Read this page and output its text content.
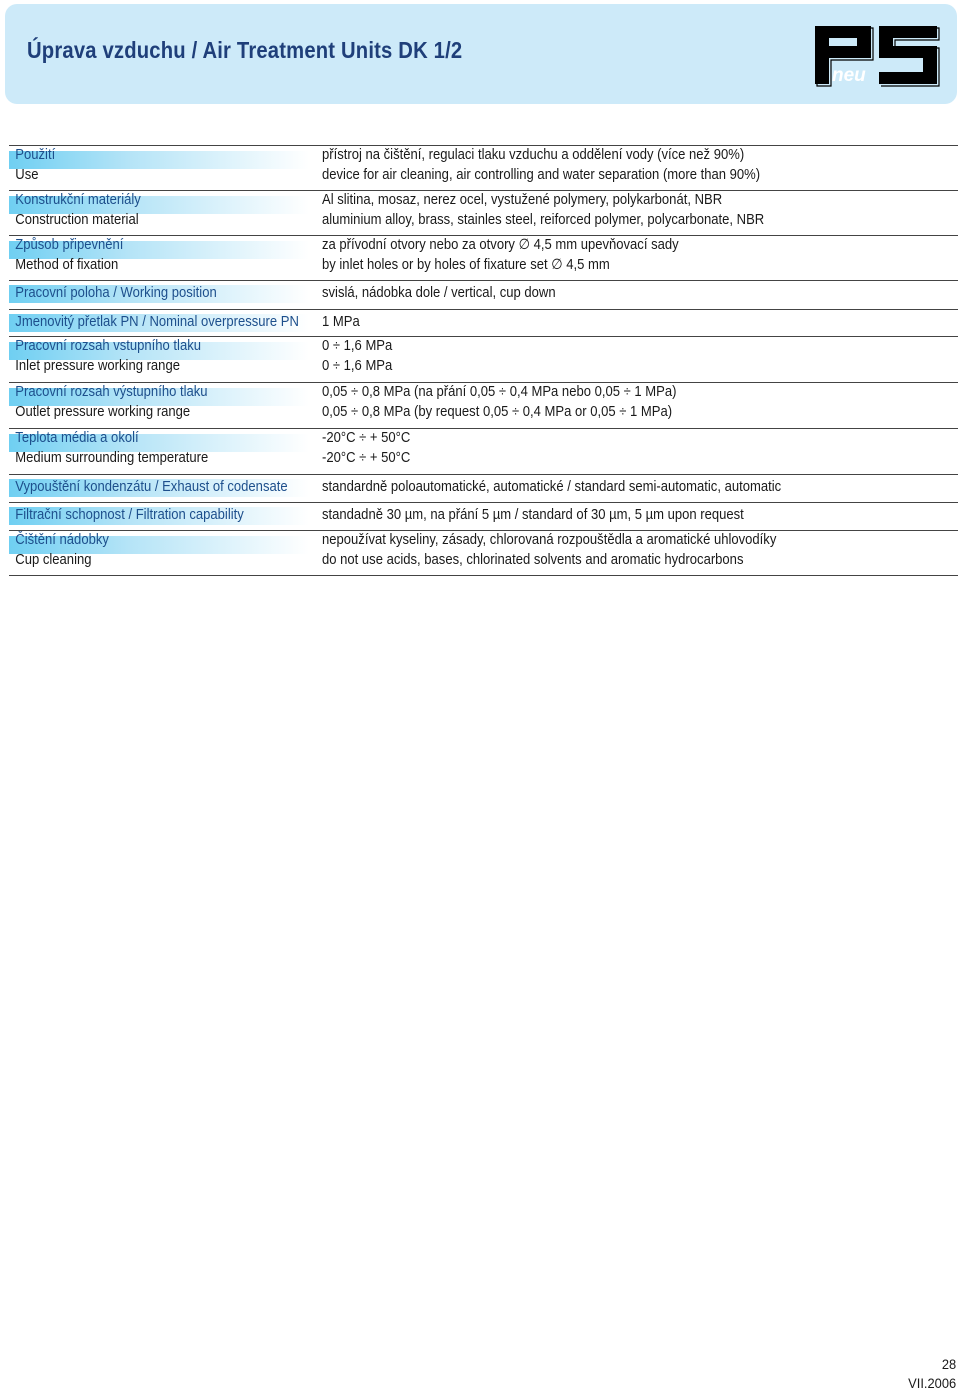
Úprava vzduchu / Air Treatment Units DK 1/2
neu
Použití
Use
přístroj na čištění, regulaci tlaku vzduchu a oddělení vody (více než 90%)
device for air cleaning, air controlling and water separation (more than 90%)
Konstrukční materiály
Construction material
Al slitina, mosaz, nerez ocel, vystužené polymery, polykarbonát, NBR
aluminium alloy, brass, stainles steel, reiforced polymer, polycarbonate, NBR
Způsob připevnění
Method of fixation
za přívodní otvory nebo za otvory ∅ 4,5 mm upevňovací sady
by inlet holes or by holes of fixature set ∅ 4,5 mm
Pracovní poloha / Working position	svislá, nádobka dole / vertical, cup down
Jmenovitý přetlak PN / Nominal overpressure PN 1 MPa
Pracovní rozsah vstupního tlaku
Inlet pressure working range
0 ÷ 1,6 MPa
0 ÷ 1,6 MPa
Pracovní rozsah výstupního tlaku
Outlet pressure working range
0,05 ÷ 0,8 MPa (na přání 0,05 ÷ 0,4 MPa nebo 0,05 ÷ 1 MPa)
0,05 ÷ 0,8 MPa (by request 0,05 ÷ 0,4 MPa or 0,05 ÷ 1 MPa)
Teplota média a okolí
Medium surrounding temperature
-20°C ÷ + 50°C
-20°C ÷ + 50°C
Vypouštění kondenzátu / Exhaust of codensate standardně poloautomatické, automatické / standard semi-automatic, automatic
Filtrační schopnost / Filtration capability	standadně 30 µm, na přání 5 µm / standard of 30 µm, 5 µm upon request
Čištění nádobky
Cup cleaning
nepoužívat kyseliny, zásady, chlorovaná rozpouštědla a aromatické uhlovodíky
do not use acids, bases, chlorinated solvents and aromatic hydrocarbons
28
VII.2006
